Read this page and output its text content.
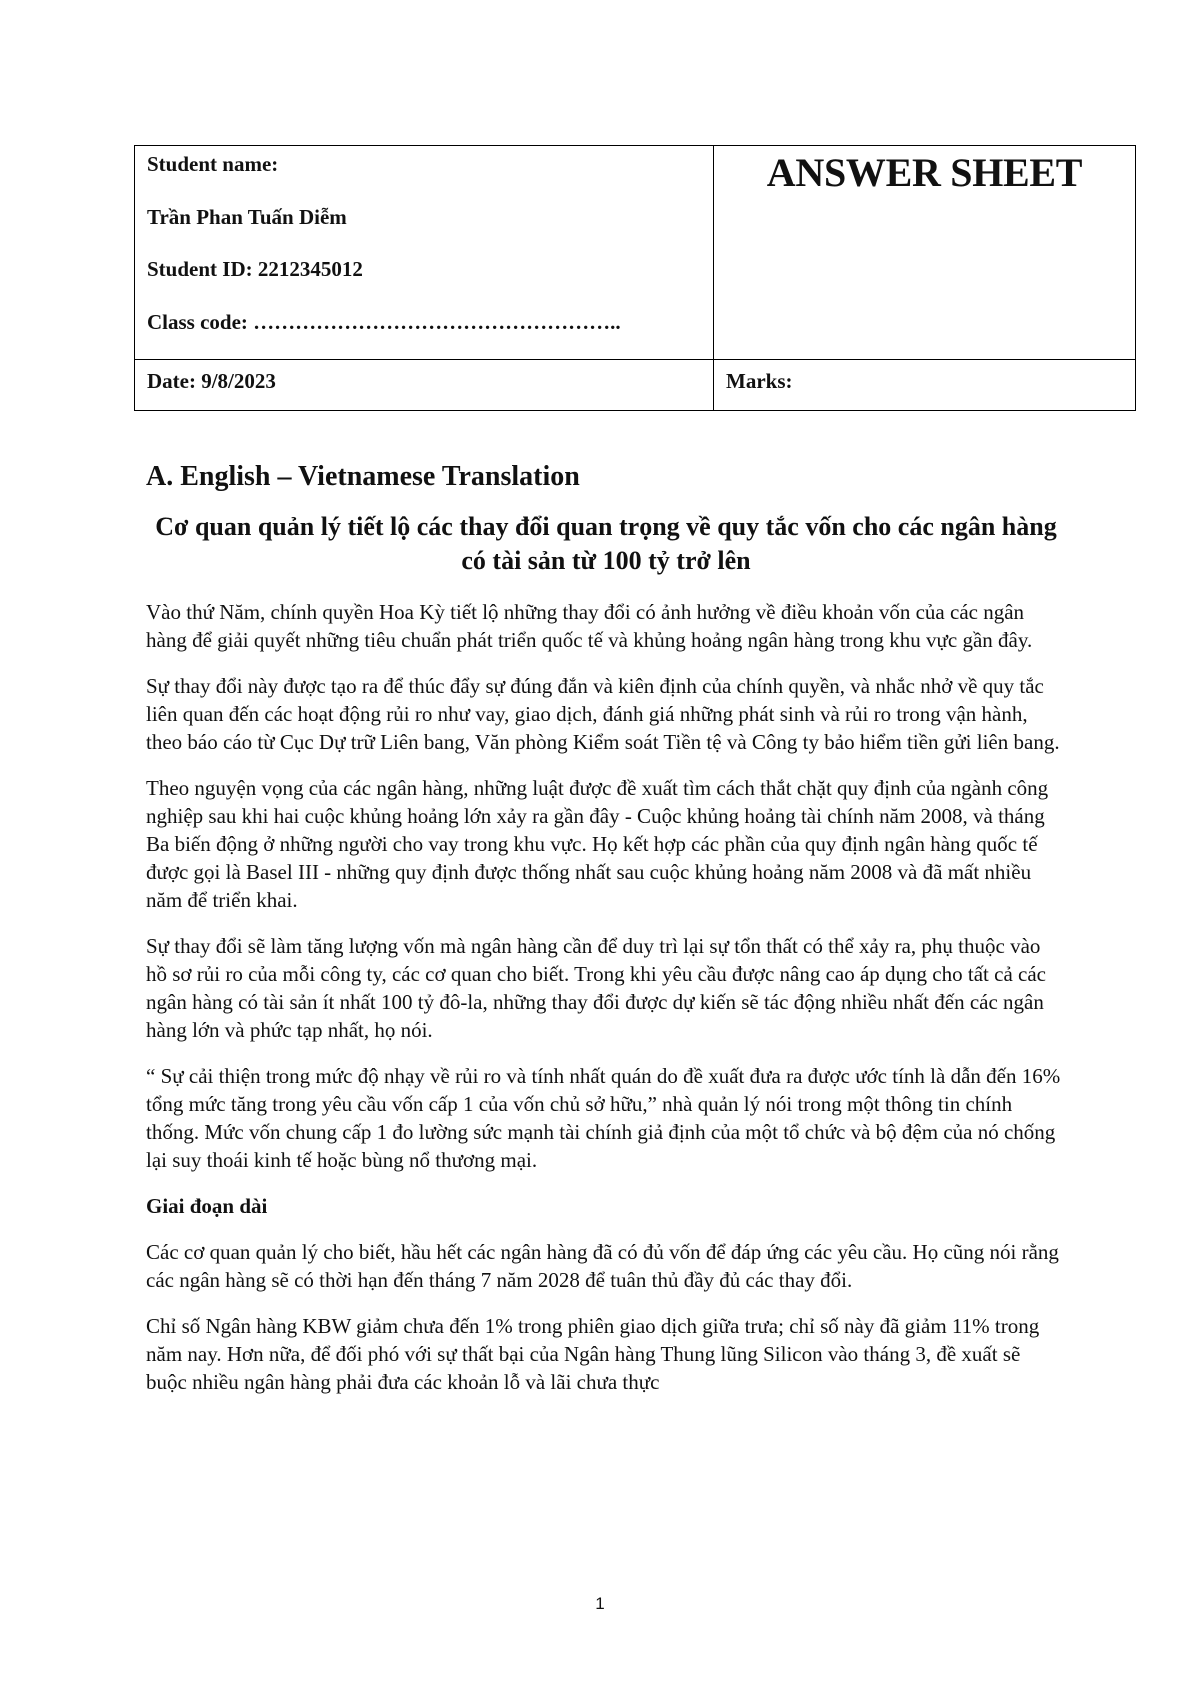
Student name:
Trần Phan Tuấn Diễm
Student ID: 2212345012
Class code: ……………………………………………..	ANSWER SHEET

Date: 9/8/2023	Marks:
A. English – Vietnamese Translation
Cơ quan quản lý tiết lộ các thay đổi quan trọng về quy tắc vốn cho các ngân hàng có tài sản từ 100 tỷ trở lên

Vào thứ Năm, chính quyền Hoa Kỳ tiết lộ những thay đổi có ảnh hưởng về điều khoản vốn của các ngân hàng để giải quyết những tiêu chuẩn phát triển quốc tế và khủng hoảng ngân hàng trong khu vực gần đây.

Sự thay đổi này được tạo ra để thúc đẩy sự đúng đắn và kiên định của chính quyền, và nhắc nhở về quy tắc liên quan đến các hoạt động rủi ro như vay, giao dịch, đánh giá những phát sinh và rủi ro trong vận hành, theo báo cáo từ Cục Dự trữ Liên bang, Văn phòng Kiểm soát Tiền tệ và Công ty bảo hiểm tiền gửi liên bang.

Theo nguyện vọng của các ngân hàng, những luật được đề xuất tìm cách thắt chặt quy định của ngành công nghiệp sau khi hai cuộc khủng hoảng lớn xảy ra gần đây - Cuộc khủng hoảng tài chính năm 2008, và tháng Ba biến động ở những người cho vay trong khu vực. Họ kết hợp các phần của quy định ngân hàng quốc tế được gọi là Basel III - những quy định được thống nhất sau cuộc khủng hoảng năm 2008 và đã mất nhiều năm để triển khai.

Sự thay đổi sẽ làm tăng lượng vốn mà ngân hàng cần để duy trì lại sự tổn thất có thể xảy ra, phụ thuộc vào hồ sơ rủi ro của mỗi công ty, các cơ quan cho biết. Trong khi yêu cầu được nâng cao áp dụng cho tất cả các ngân hàng có tài sản ít nhất 100 tỷ đô-la, những thay đổi được dự kiến sẽ tác động nhiều nhất đến các ngân hàng lớn và phức tạp nhất, họ nói.

“ Sự cải thiện trong mức độ nhạy về rủi ro và tính nhất quán do đề xuất đưa ra được ước tính là dẫn đến 16% tổng mức tăng trong yêu cầu vốn cấp 1 của vốn chủ sở hữu,” nhà quản lý nói trong một thông tin chính thống. Mức vốn chung cấp 1 đo lường sức mạnh tài chính giả định của một tổ chức và bộ đệm của nó chống lại suy thoái kinh tế hoặc bùng nổ thương mại.

Giai đoạn dài

Các cơ quan quản lý cho biết, hầu hết các ngân hàng đã có đủ vốn để đáp ứng các yêu cầu. Họ cũng nói rằng các ngân hàng sẽ có thời hạn đến tháng 7 năm 2028 để tuân thủ đầy đủ các thay đổi.

Chỉ số Ngân hàng KBW giảm chưa đến 1% trong phiên giao dịch giữa trưa; chỉ số này đã giảm 11% trong năm nay. Hơn nữa, để đối phó với sự thất bại của Ngân hàng Thung lũng Silicon vào tháng 3, đề xuất sẽ buộc nhiều ngân hàng phải đưa các khoản lỗ và lãi chưa thực

1
